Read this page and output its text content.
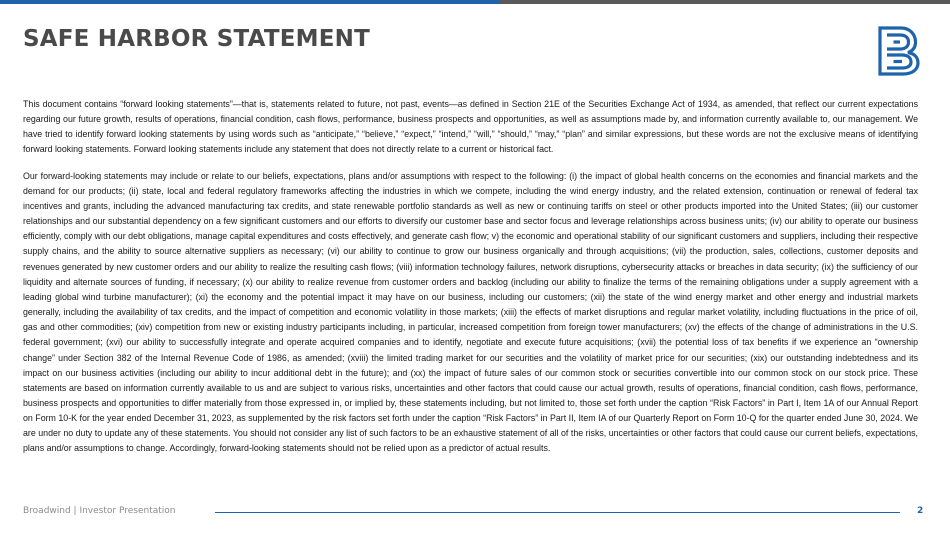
SAFE HARBOR STATEMENT

This document contains “forward looking statements”—that is, statements related to future, not past, events—as defined in Section 21E of the Securities Exchange Act of 1934, as amended, that reflect our current expectations regarding our future growth, results of operations, financial condition, cash flows, performance, business prospects and opportunities, as well as assumptions made by, and information currently available to, our management. We have tried to identify forward looking statements by using words such as “anticipate,” “believe,” “expect,” “intend,” “will,” “should,” “may,” “plan” and similar expressions, but these words are not the exclusive means of identifying forward looking statements. Forward looking statements include any statement that does not directly relate to a current or historical fact.

Our forward-looking statements may include or relate to our beliefs, expectations, plans and/or assumptions with respect to the following: (i) the impact of global health concerns on the economies and financial markets and the demand for our products; (ii) state, local and federal regulatory frameworks affecting the industries in which we compete, including the wind energy industry, and the related extension, continuation or renewal of federal tax incentives and grants, including the advanced manufacturing tax credits, and state renewable portfolio standards as well as new or continuing tariffs on steel or other products imported into the United States; (iii) our customer relationships and our substantial dependency on a few significant customers and our efforts to diversify our customer base and sector focus and leverage relationships across business units; (iv) our ability to operate our business efficiently, comply with our debt obligations, manage capital expenditures and costs effectively, and generate cash flow; v) the economic and operational stability of our significant customers and suppliers, including their respective supply chains, and the ability to source alternative suppliers as necessary; (vi) our ability to continue to grow our business organically and through acquisitions; (vii) the production, sales, collections, customer deposits and revenues generated by new customer orders and our ability to realize the resulting cash flows; (viii) information technology failures, network disruptions, cybersecurity attacks or breaches in data security; (ix) the sufficiency of our liquidity and alternate sources of funding, if necessary; (x) our ability to realize revenue from customer orders and backlog (including our ability to finalize the terms of the remaining obligations under a supply agreement with a leading global wind turbine manufacturer); (xi) the economy and the potential impact it may have on our business, including our customers; (xii) the state of the wind energy market and other energy and industrial markets generally, including the availability of tax credits, and the impact of competition and economic volatility in those markets; (xiii) the effects of market disruptions and regular market volatility, including fluctuations in the price of oil, gas and other commodities; (xiv) competition from new or existing industry participants including, in particular, increased competition from foreign tower manufacturers; (xv) the effects of the change of administrations in the U.S. federal government; (xvi) our ability to successfully integrate and operate acquired companies and to identify, negotiate and execute future acquisitions; (xvii) the potential loss of tax benefits if we experience an “ownership change” under Section 382 of the Internal Revenue Code of 1986, as amended; (xviii) the limited trading market for our securities and the volatility of market price for our securities; (xix) our outstanding indebtedness and its impact on our business activities (including our ability to incur additional debt in the future); and (xx) the impact of future sales of our common stock or securities convertible into our common stock on our stock price. These statements are based on information currently available to us and are subject to various risks, uncertainties and other factors that could cause our actual growth, results of operations, financial condition, cash flows, performance, business prospects and opportunities to differ materially from those expressed in, or implied by, these statements including, but not limited to, those set forth under the caption “Risk Factors” in Part I, Item 1A of our Annual Report on Form 10-K for the year ended December 31, 2023, as supplemented by the risk factors set forth under the caption “Risk Factors” in Part II, Item IA of our Quarterly Report on Form 10-Q for the quarter ended June 30, 2024. We are under no duty to update any of these statements. You should not consider any list of such factors to be an exhaustive statement of all of the risks, uncertainties or other factors that could cause our current beliefs, expectations, plans and/or assumptions to change. Accordingly, forward-looking statements should not be relied upon as a predictor of actual results.

Broadwind | Investor Presentation	2
